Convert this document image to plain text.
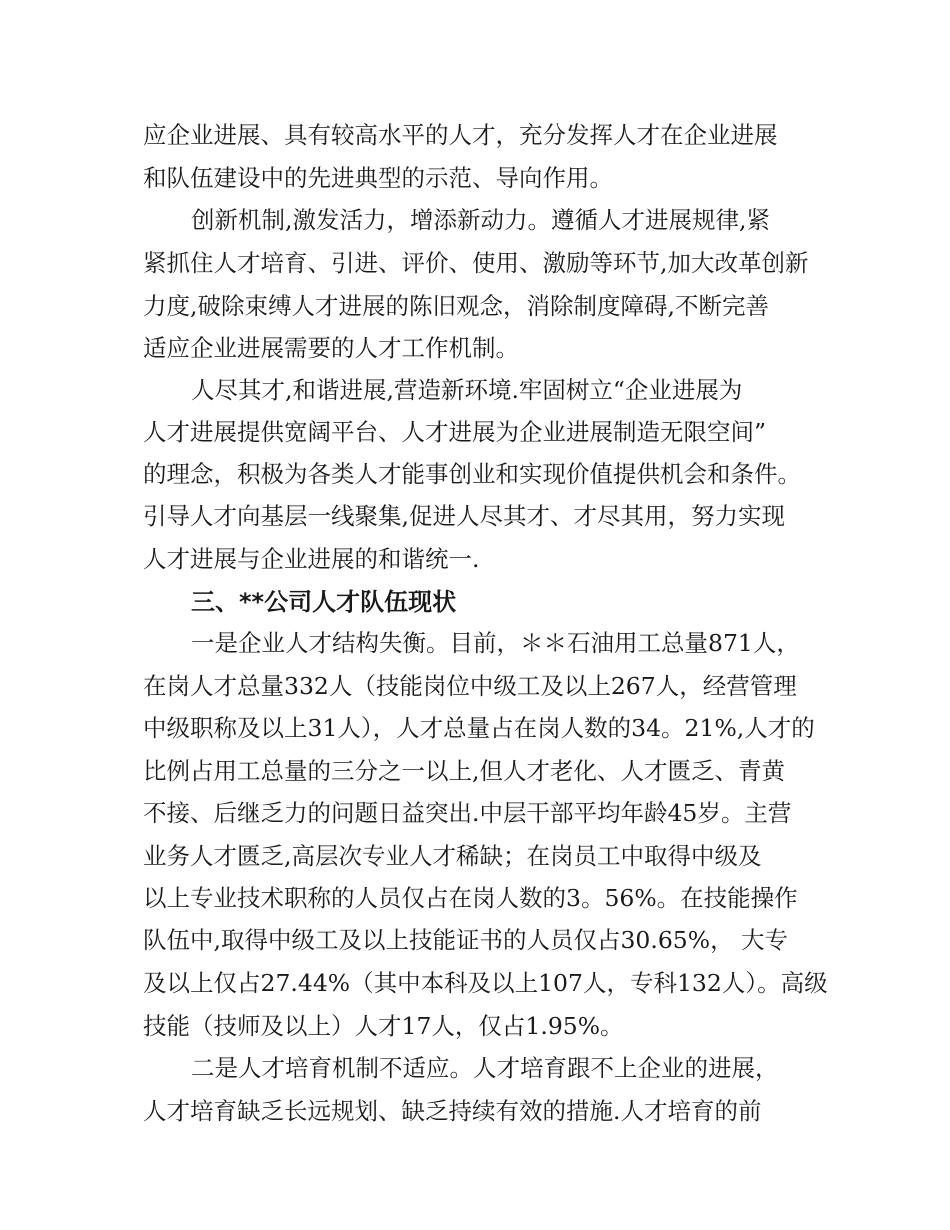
应企业进展、具有较高水平的人才，充分发挥人才在企业进展
和队伍建设中的先进典型的示范、导向作用。
创新机制,激发活力，增添新动力。遵循人才进展规律,紧
紧抓住人才培育、引进、评价、使用、激励等环节,加大改革创新
力度,破除束缚人才进展的陈旧观念，消除制度障碍,不断完善
适应企业进展需要的人才工作机制。
人尽其才,和谐进展,营造新环境.牢固树立“企业进展为
人才进展提供宽阔平台、人才进展为企业进展制造无限空间”
的理念，积极为各类人才能事创业和实现价值提供机会和条件。
引导人才向基层一线聚集,促进人尽其才、才尽其用，努力实现
人才进展与企业进展的和谐统一.
三、**公司人才队伍现状
一是企业人才结构失衡。目前，＊＊石油用工总量871人，
在岗人才总量332人（技能岗位中级工及以上267人，经营管理
中级职称及以上31人），人才总量占在岗人数的34。21%,人才的
比例占用工总量的三分之一以上,但人才老化、人才匮乏、青黄
不接、后继乏力的问题日益突出.中层干部平均年龄45岁。主营
业务人才匮乏,高层次专业人才稀缺；在岗员工中取得中级及
以上专业技术职称的人员仅占在岗人数的3。56%。在技能操作
队伍中,取得中级工及以上技能证书的人员仅占30.65%， 大专
及以上仅占27.44%（其中本科及以上107人，专科132人）。高级
技能（技师及以上）人才17人，仅占1.95%。
二是人才培育机制不适应。人才培育跟不上企业的进展，
人才培育缺乏长远规划、缺乏持续有效的措施.人才培育的前
